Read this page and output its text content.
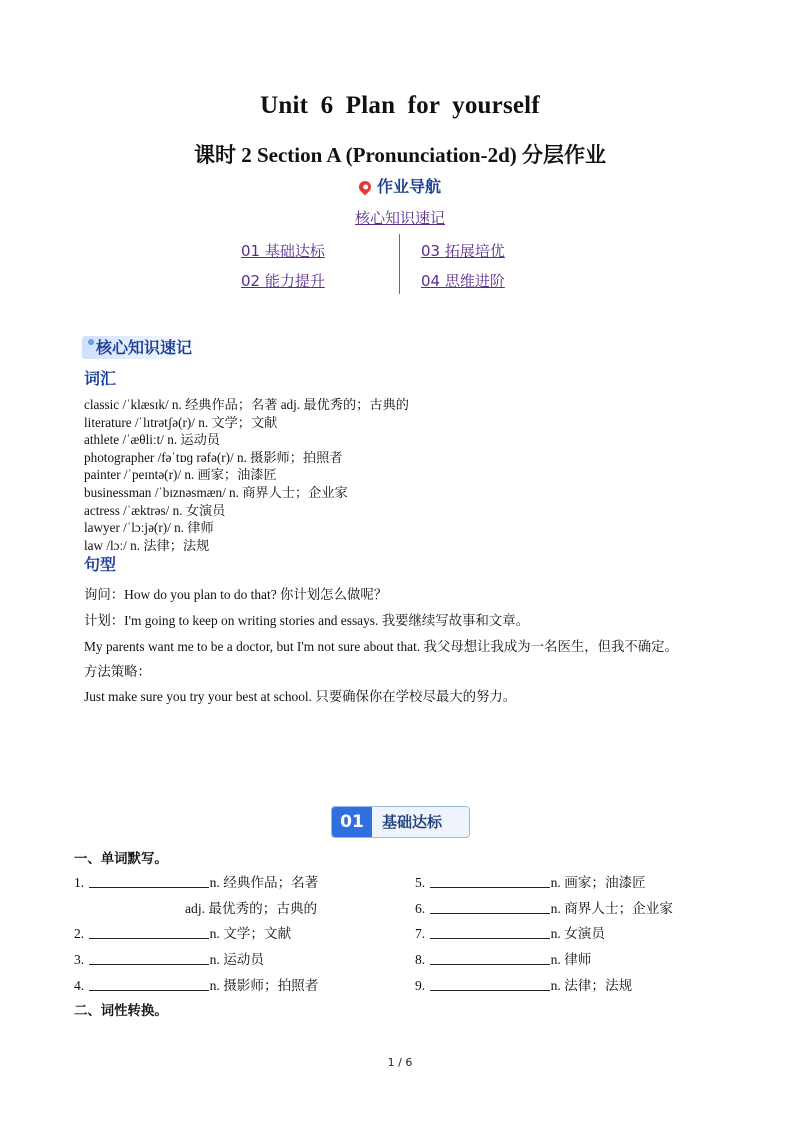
Unit 6 Plan for yourself
课时 2 Section A (Pronunciation-2d) 分层作业
作业导航
核心知识速记
01 基础达标
02 能力提升
03 拓展培优
04 思维进阶
核心知识速记
词汇
classic /ˈklæsɪk/ n. 经典作品；名著 adj. 最优秀的；古典的
literature /ˈlɪtrətʃə(r)/ n. 文学；文献
athlete /ˈæθliːt/ n. 运动员
photographer /fəˈtɒɡ rəfə(r)/ n. 摄影师；拍照者
painter /ˈpeɪntə(r)/ n. 画家；油漆匠
businessman /ˈbɪznəsmæn/ n. 商界人士；企业家
actress /ˈæktrəs/ n. 女演员
lawyer /ˈlɔːjə(r)/ n. 律师
law /lɔː/ n. 法律；法规
句型
询问：How do you plan to do that? 你计划怎么做呢？
计划：I'm going to keep on writing stories and essays. 我要继续写故事和文章。
My parents want me to be a doctor, but I'm not sure about that. 我父母想让我成为一名医生，但我不确定。
方法策略：
Just make sure you try your best at school. 只要确保你在学校尽最大的努力。
01	基础达标
一、单词默写。
1.	n. 经典作品；名著
adj. 最优秀的；古典的
2.	n. 文学；文献
3.	n. 运动员
4.	n. 摄影师；拍照者
5.	n. 画家；油漆匠
6.	n. 商界人士；企业家
7.	n. 女演员
8.	n. 律师
9.	n. 法律；法规
二、词性转换。
1 / 6
